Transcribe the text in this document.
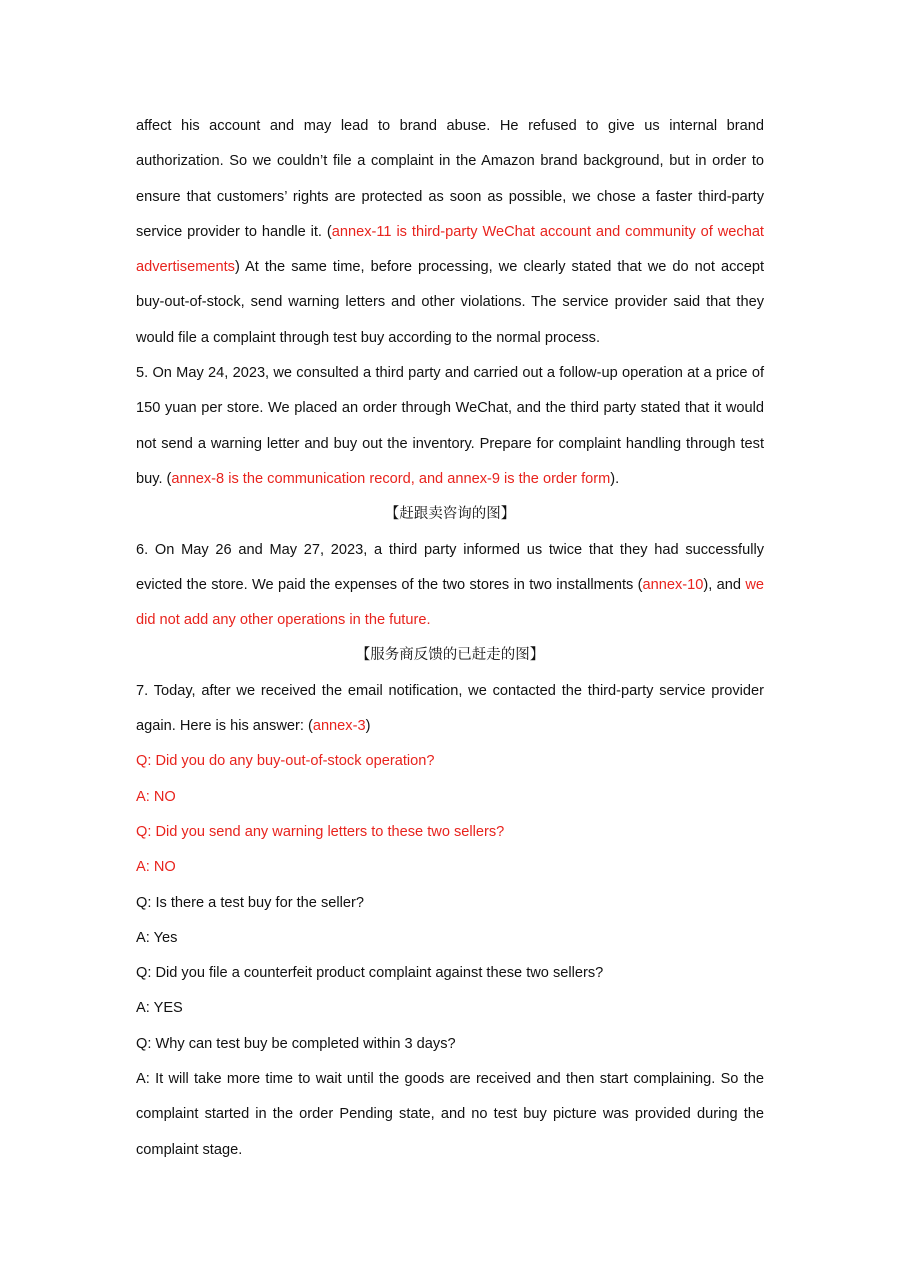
affect his account and may lead to brand abuse. He refused to give us internal brand authorization. So we couldn’t file a complaint in the Amazon brand background, but in order to ensure that customers’ rights are protected as soon as possible, we chose a faster third-party service provider to handle it. (annex-11 is third-party WeChat account and community of wechat advertisements) At the same time, before processing, we clearly stated that we do not accept buy-out-of-stock, send warning letters and other violations. The service provider said that they would file a complaint through test buy according to the normal process.

5. On May 24, 2023, we consulted a third party and carried out a follow-up operation at a price of 150 yuan per store. We placed an order through WeChat, and the third party stated that it would not send a warning letter and buy out the inventory. Prepare for complaint handling through test buy. (annex-8 is the communication record, and annex-9 is the order form).

【赶跟卖咨询的图】

6. On May 26 and May 27, 2023, a third party informed us twice that they had successfully evicted the store. We paid the expenses of the two stores in two installments (annex-10), and we did not add any other operations in the future.

【服务商反馈的已赶走的图】

7. Today, after we received the email notification, we contacted the third-party service provider again. Here is his answer: (annex-3)

Q: Did you do any buy-out-of-stock operation?

A: NO

Q: Did you send any warning letters to these two sellers?

A: NO

Q: Is there a test buy for the seller?

A: Yes

Q: Did you file a counterfeit product complaint against these two sellers?

A: YES

Q: Why can test buy be completed within 3 days?

A: It will take more time to wait until the goods are received and then start complaining. So the complaint started in the order Pending state, and no test buy picture was provided during the complaint stage.
